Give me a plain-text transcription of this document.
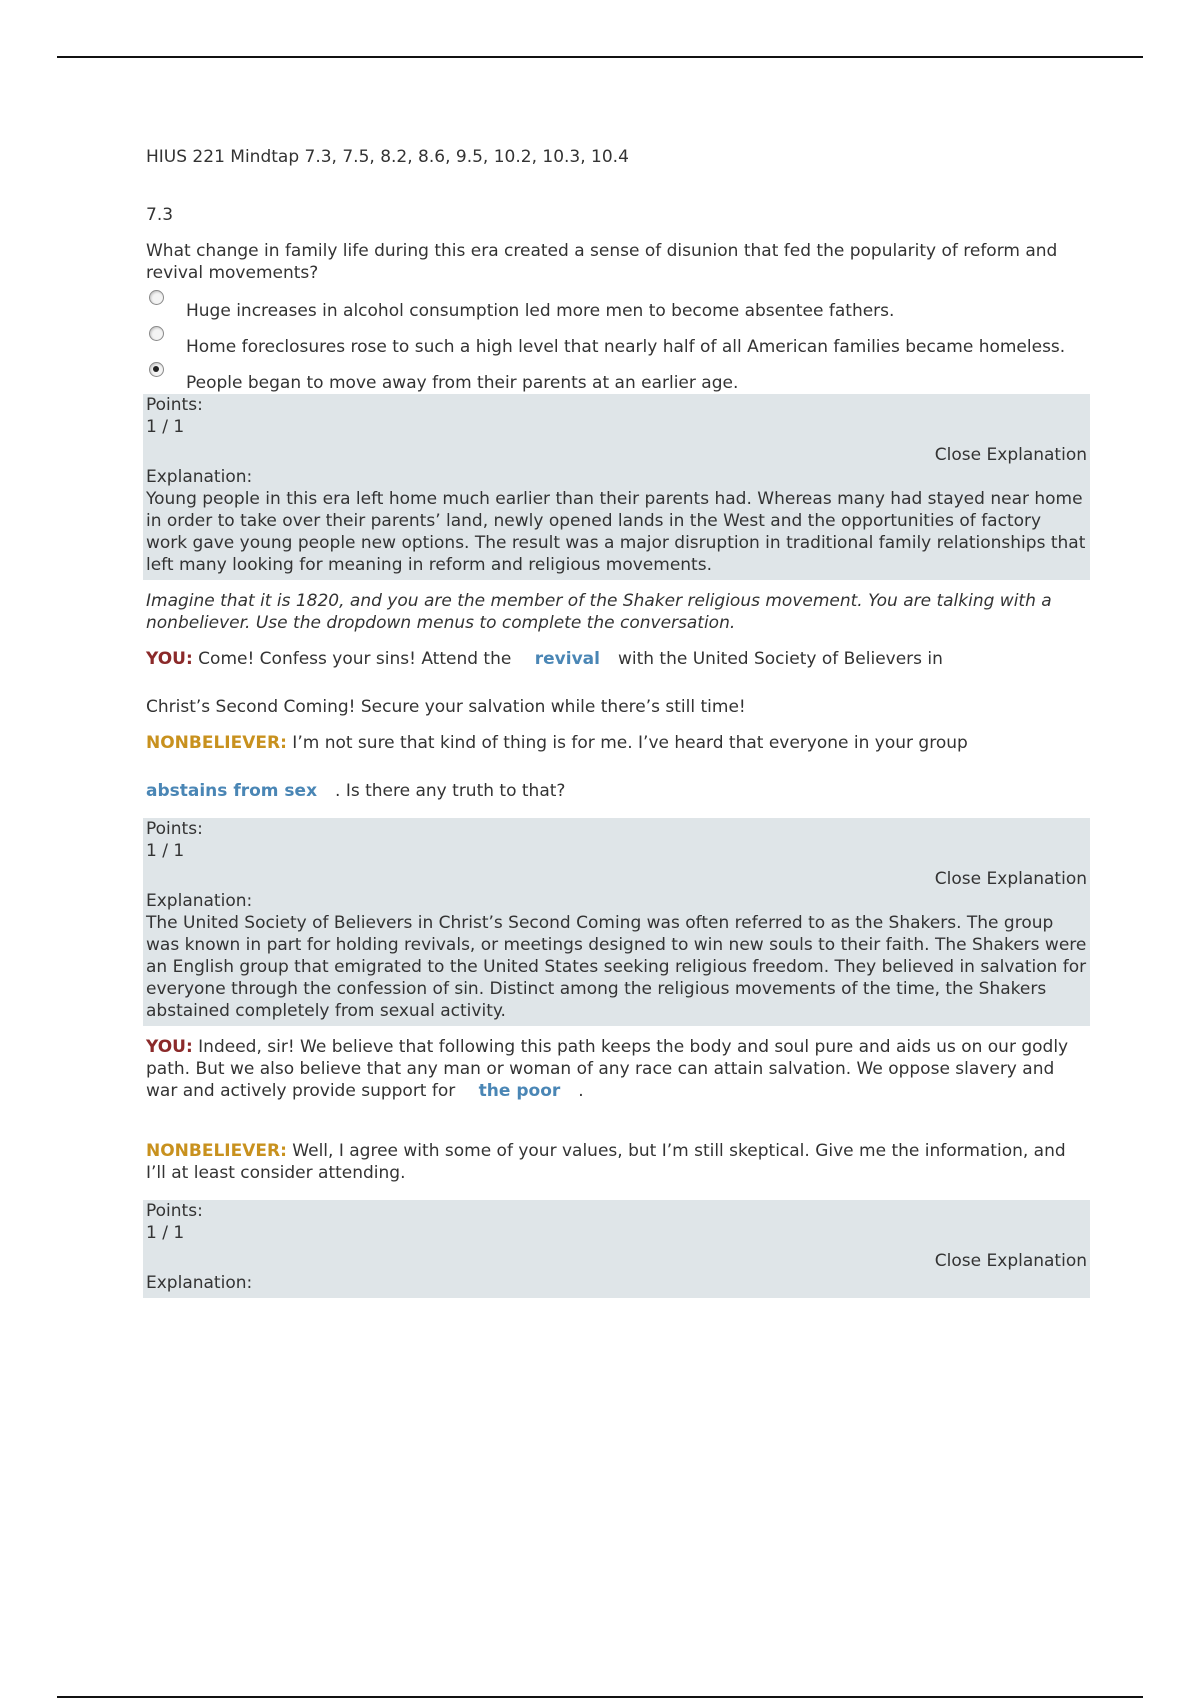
HIUS 221 Mindtap 7.3, 7.5, 8.2, 8.6, 9.5, 10.2, 10.3, 10.4
7.3
What change in family life during this era created a sense of disunion that fed the popularity of reform and revival movements?
Huge increases in alcohol consumption led more men to become absentee fathers.
Home foreclosures rose to such a high level that nearly half of all American families became homeless.
People began to move away from their parents at an earlier age.
Points:
1 / 1
Close Explanation
Explanation:
Young people in this era left home much earlier than their parents had. Whereas many had stayed near home in order to take over their parents’ land, newly opened lands in the West and the opportunities of factory work gave young people new options. The result was a major disruption in traditional family relationships that left many looking for meaning in reform and religious movements.
Imagine that it is 1820, and you are the member of the Shaker religious movement. You are talking with a nonbeliever. Use the dropdown menus to complete the conversation.
YOU: Come! Confess your sins! Attend the revival with the United Society of Believers in
Christ’s Second Coming! Secure your salvation while there’s still time!
NONBELIEVER: I’m not sure that kind of thing is for me. I’ve heard that everyone in your group
abstains from sex . Is there any truth to that?
Points:
1 / 1
Close Explanation
Explanation:
The United Society of Believers in Christ’s Second Coming was often referred to as the Shakers. The group was known in part for holding revivals, or meetings designed to win new souls to their faith. The Shakers were an English group that emigrated to the United States seeking religious freedom. They believed in salvation for everyone through the confession of sin. Distinct among the religious movements of the time, the Shakers abstained completely from sexual activity.
YOU: Indeed, sir! We believe that following this path keeps the body and soul pure and aids us on our godly path. But we also believe that any man or woman of any race can attain salvation. We oppose slavery and war and actively provide support for the poor .
NONBELIEVER: Well, I agree with some of your values, but I’m still skeptical. Give me the information, and I’ll at least consider attending.
Points:
1 / 1
Close Explanation
Explanation:
